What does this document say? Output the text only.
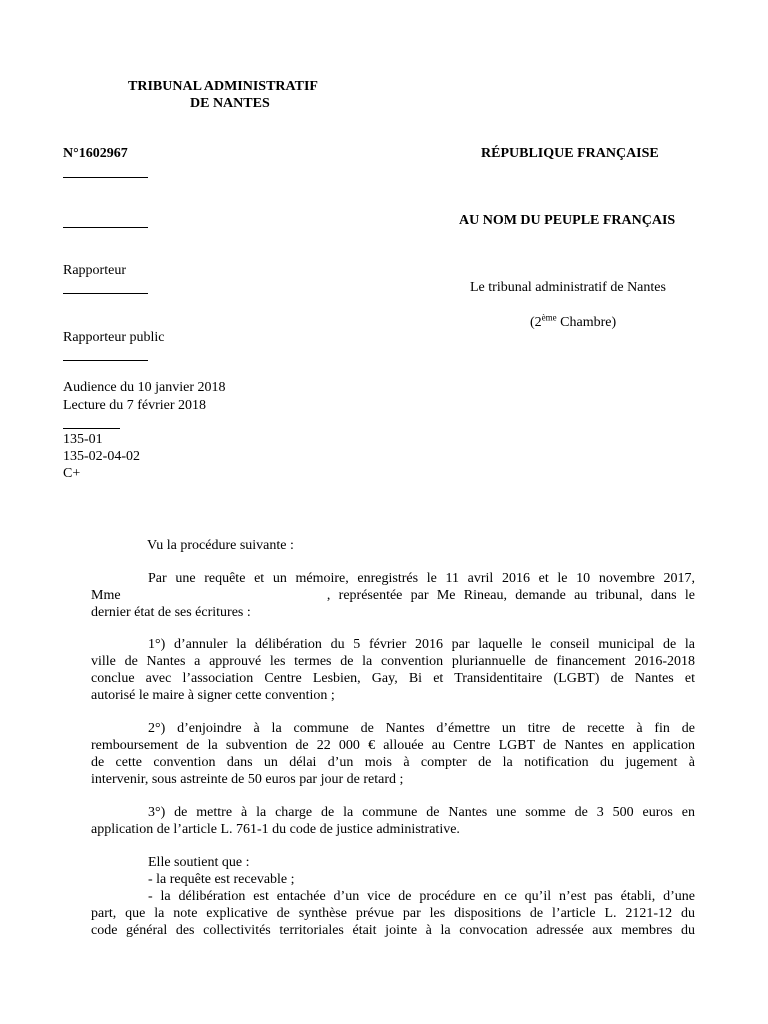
TRIBUNAL ADMINISTRATIF
DE NANTES
N°1602967
Rapporteur
Rapporteur public
Audience du 10 janvier 2018
Lecture du 7 février 2018
135-01
135-02-04-02
C+
RÉPUBLIQUE FRANÇAISE
AU NOM DU PEUPLE FRANÇAIS
Le tribunal administratif de Nantes
(2ème Chambre)
Vu la procédure suivante :
Par une requête et un mémoire, enregistrés le 11 avril 2016 et le 10 novembre 2017,
Mme	, représentée par Me Rineau, demande au tribunal, dans le
dernier état de ses écritures :
1°) d’annuler la délibération du 5 février 2016 par laquelle le conseil municipal de la
ville de Nantes a approuvé les termes de la convention pluriannuelle de financement 2016-2018
conclue avec l’association Centre Lesbien, Gay, Bi et Transidentitaire (LGBT) de Nantes et
autorisé le maire à signer cette convention ;
2°) d’enjoindre à la commune de Nantes d’émettre un titre de recette à fin de
remboursement de la subvention de 22 000 € allouée au Centre LGBT de Nantes en application
de cette convention dans un délai d’un mois à compter de la notification du jugement à
intervenir, sous astreinte de 50 euros par jour de retard ;
3°) de mettre à la charge de la commune de Nantes une somme de 3 500 euros en
application de l’article L. 761-1 du code de justice administrative.
Elle soutient que :
- la requête est recevable ;
- la délibération est entachée d’un vice de procédure en ce qu’il n’est pas établi, d’une
part, que la note explicative de synthèse prévue par les dispositions de l’article L. 2121-12 du
code général des collectivités territoriales était jointe à la convocation adressée aux membres du
